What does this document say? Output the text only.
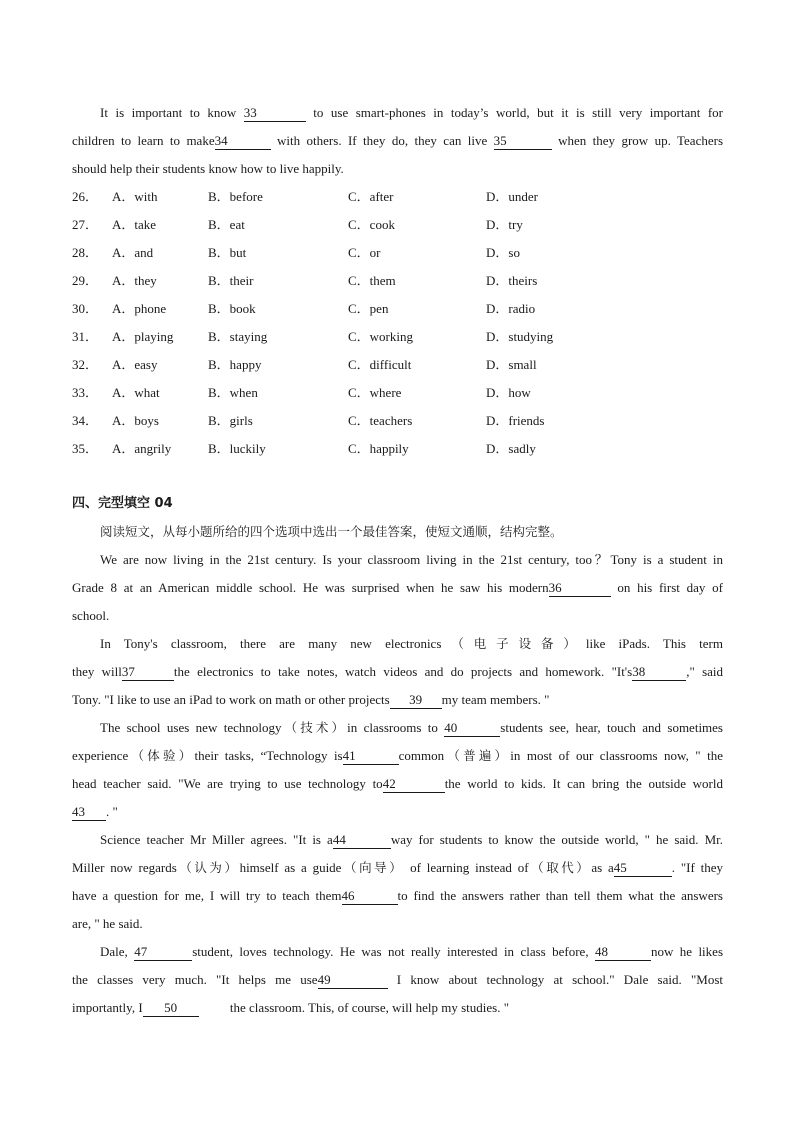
It is important to know 33	to use smart-phones in today’s world, but it is still very important for
children to learn to make34	with others. If they do, they can live 35	when they grow up. Teachers
should help their students know how to live happily.
26． A．with	B．before	C．after	D．under
27． A．take	B．eat	C．cook	D．try
28． A．and	B．but	C．or	D．so
29． A．they	B．their	C．them	D．theirs
30． A．phone	B．book	C．pen	D．radio
31． A．playing	B．staying	C．working	D．studying
32． A．easy	B．happy	C．difficult	D．small
33． A．what	B．when	C．where	D．how
34． A．boys	B．girls	C．teachers	D．friends
35． A．angrily	B．luckily	C．happily	D．sadly
四、完型填空 04
阅读短文，从每小题所给的四个选项中选出一个最佳答案，使短文通顺，结构完整。
We are now living in the 21st century. Is your classroom living in the 21st century, too？Tony is a student in
Grade 8 at an American middle school. He was surprised when he saw his modern36	on his first day of
school.
In Tony's classroom, there are many new electronics（电子设备）like iPads. This term
they will37	the electronics to take notes, watch videos and do projects and homework. "It's38	," said
Tony. "I like to use an iPad to work on math or other projects 39 my team members. "
The school uses new technology（技术）in classrooms to 40	students see, hear, touch and sometimes
experience（体验）their tasks, “Technology is41	common（普遍）in most of our classrooms now, " the
head teacher said. "We are trying to use technology to42	the world to kids. It can bring the outside world
43 . "
Science teacher Mr Miller agrees. "It is a44	way for students to know the outside world, " he said. Mr.
Miller now regards（认为）himself as a guide（向导） of learning instead of（取代）as a45	. "If they
have a question for me, I will try to teach them46	to find the answers rather than tell them what the answers
are, " he said.
Dale, 47	student, loves technology. He was not really interested in class before, 48	now he likes
the classes very much. "It helps me use49	I know about technology at school." Dale said. "Most
importantly, I 50	the classroom. This, of course, will help my studies. "
